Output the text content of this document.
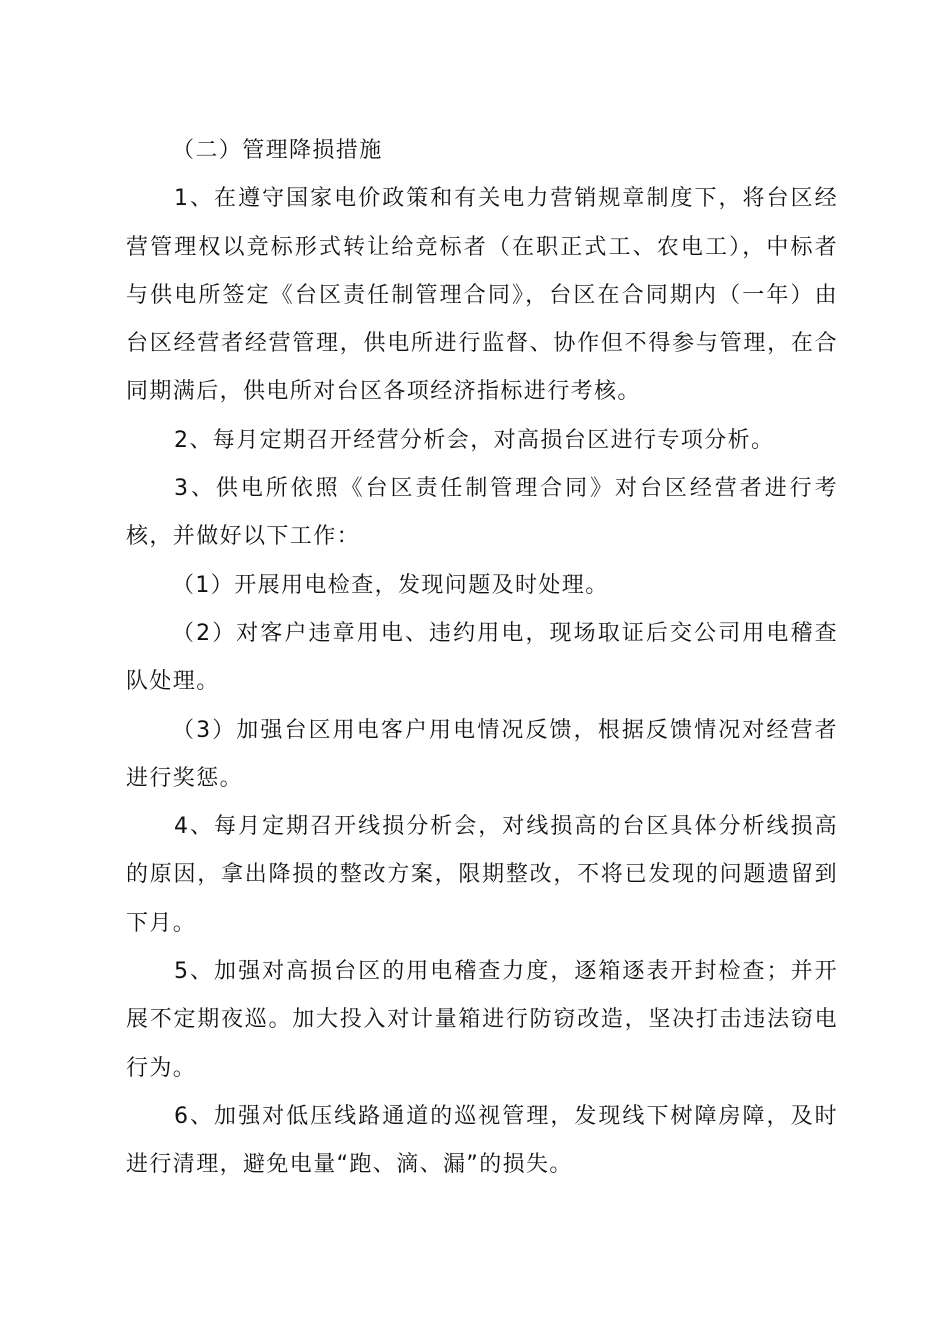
（二）管理降损措施

1、在遵守国家电价政策和有关电力营销规章制度下，将台区经营管理权以竞标形式转让给竞标者（在职正式工、农电工），中标者与供电所签定《台区责任制管理合同》，台区在合同期内（一年）由台区经营者经营管理，供电所进行监督、协作但不得参与管理，在合同期满后，供电所对台区各项经济指标进行考核。

2、每月定期召开经营分析会，对高损台区进行专项分析。

3、供电所依照《台区责任制管理合同》对台区经营者进行考核，并做好以下工作：

（1）开展用电检查，发现问题及时处理。

（2）对客户违章用电、违约用电，现场取证后交公司用电稽查队处理。

（3）加强台区用电客户用电情况反馈，根据反馈情况对经营者进行奖惩。

4、每月定期召开线损分析会，对线损高的台区具体分析线损高的原因，拿出降损的整改方案，限期整改，不将已发现的问题遗留到下月。

5、加强对高损台区的用电稽查力度，逐箱逐表开封检查；并开展不定期夜巡。加大投入对计量箱进行防窃改造，坚决打击违法窃电行为。

6、加强对低压线路通道的巡视管理，发现线下树障房障，及时进行清理，避免电量“跑、滴、漏”的损失。
